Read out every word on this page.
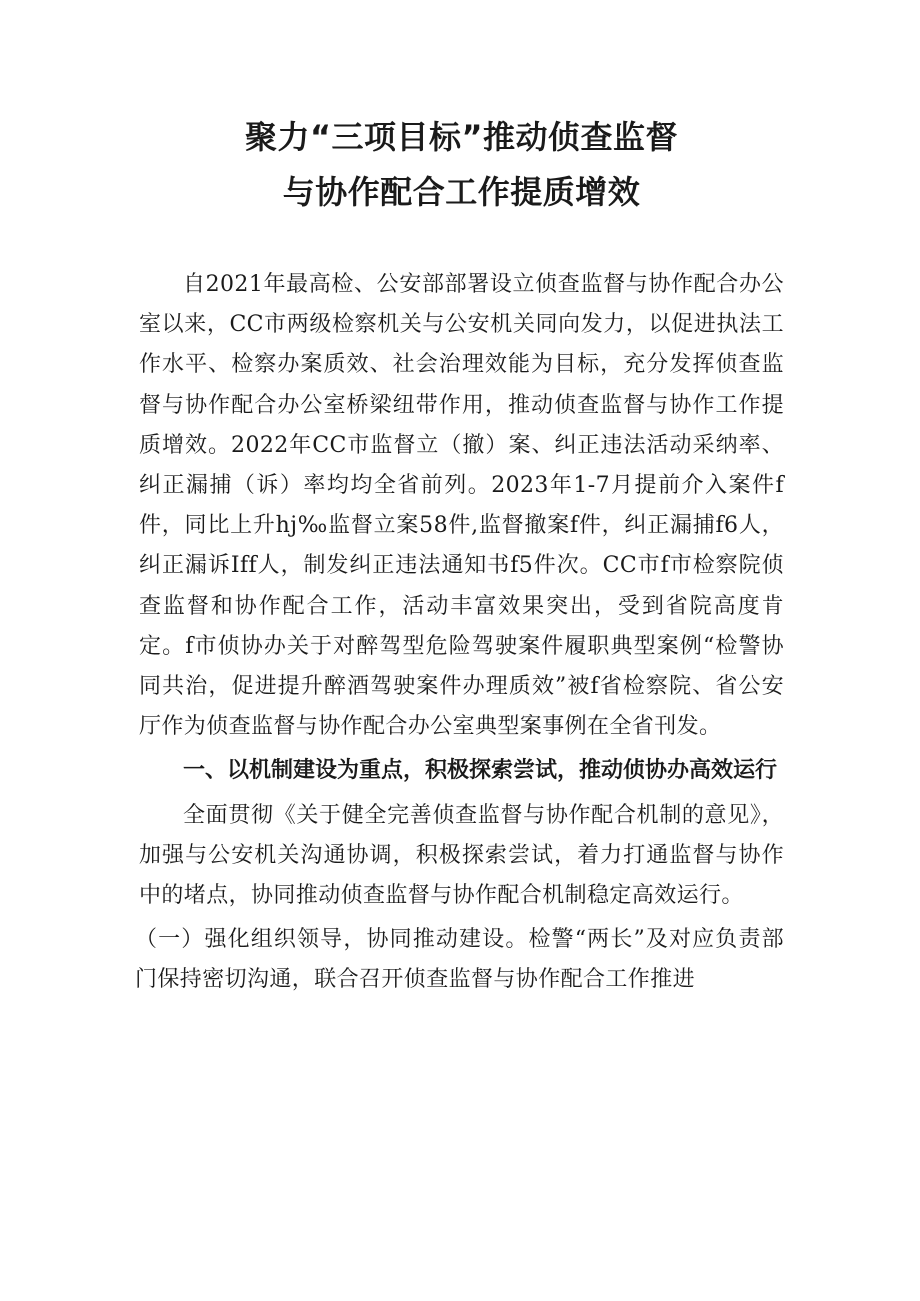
聚力“三项目标”推动侦查监督
与协作配合工作提质增效

自2021年最高检、公安部部署设立侦查监督与协作配合办公室以来，CC市两级检察机关与公安机关同向发力，以促进执法工作水平、检察办案质效、社会治理效能为目标，充分发挥侦查监督与协作配合办公室桥梁纽带作用，推动侦查监督与协作工作提质增效。2022年CC市监督立（撤）案、纠正违法活动采纳率、纠正漏捕（诉）率均均全省前列。2023年1-7月提前介入案件f件，同比上升hj‰监督立案58件,监督撤案f件，纠正漏捕f6人，纠正漏诉Iff人，制发纠正违法通知书f5件次。CC市f市检察院侦查监督和协作配合工作，活动丰富效果突出，受到省院高度肯定。f市侦协办关于对醉驾型危险驾驶案件履职典型案例“检警协同共治，促进提升醉酒驾驶案件办理质效”被f省检察院、省公安厅作为侦查监督与协作配合办公室典型案事例在全省刊发。

一、以机制建设为重点，积极探索尝试，推动侦协办高效运行

全面贯彻《关于健全完善侦查监督与协作配合机制的意见》，加强与公安机关沟通协调，积极探索尝试，着力打通监督与协作中的堵点，协同推动侦查监督与协作配合机制稳定高效运行。

（一）强化组织领导，协同推动建设。检警“两长”及对应负责部门保持密切沟通，联合召开侦查监督与协作配合工作推进
